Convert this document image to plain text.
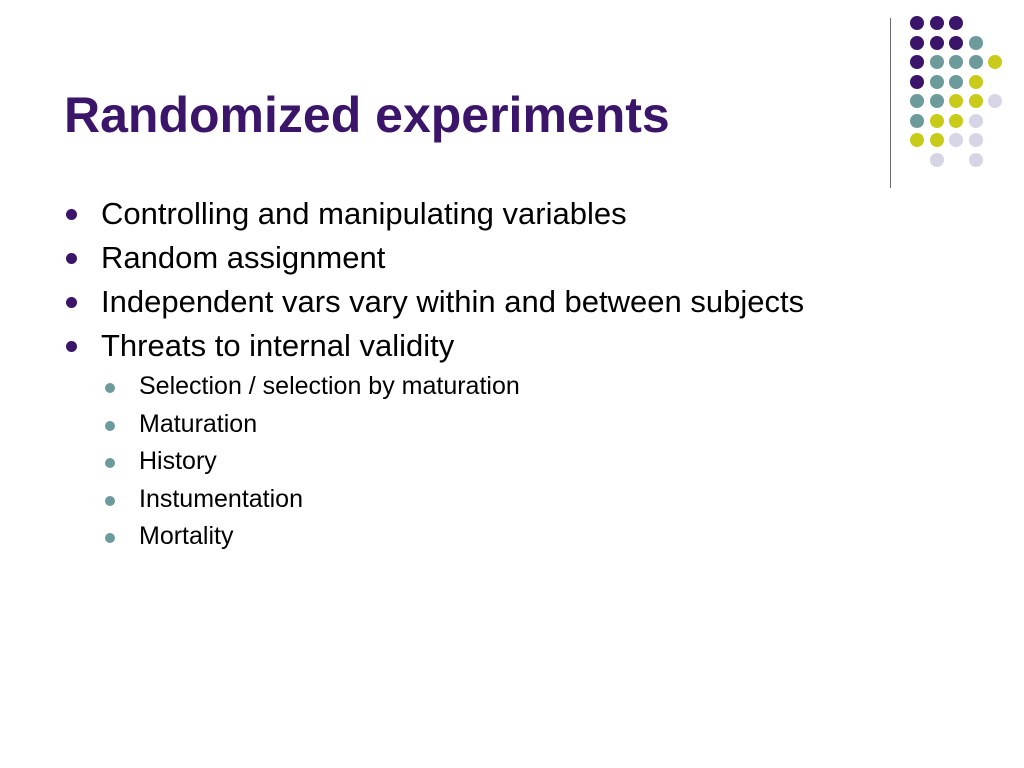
Randomized experiments
Controlling and manipulating variables
Random assignment
Independent vars vary within and between subjects
Threats to internal validity
Selection / selection by maturation
Maturation
History
Instumentation
Mortality
